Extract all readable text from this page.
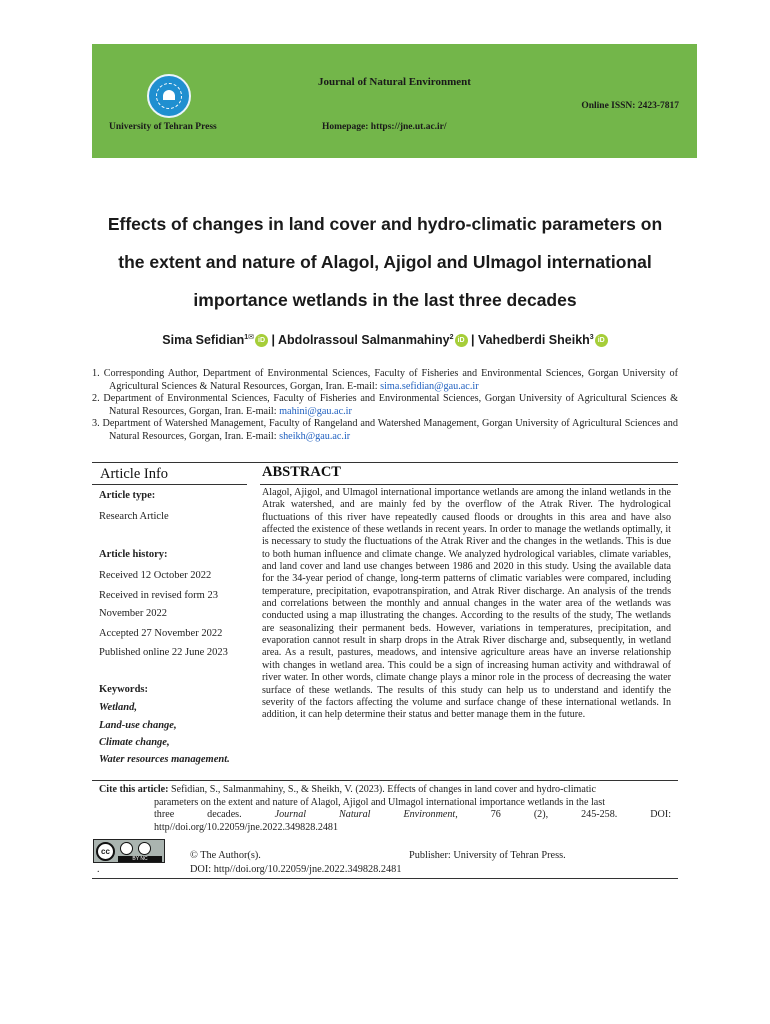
University of Tehran Press
Journal of Natural Environment
Online ISSN: 2423-7817
Homepage: https://jne.ut.ac.ir/
Effects of changes in land cover and hydro-climatic parameters on
the extent and nature of Alagol, Ajigol and Ulmagol international
importance wetlands in the last three decades
Sima Sefidian$^{1✉}$ iD | Abdolrassoul Salmanmahiny$^2$ iD | Vahedberdi Sheikh$^3$ iD

1. Corresponding Author, Department of Environmental Sciences, Faculty of Fisheries and Environmental Sciences, Gorgan University of Agricultural Sciences & Natural Resources, Gorgan, Iran. E-mail: sima.sefidian@gau.ac.ir

2. Department of Environmental Sciences, Faculty of Fisheries and Environmental Sciences, Gorgan University of Agricultural Sciences & Natural Resources, Gorgan, Iran. E-mail: mahini@gau.ac.ir

3. Department of Watershed Management, Faculty of Rangeland and Watershed Management, Gorgan University of Agricultural Sciences and Natural Resources, Gorgan, Iran. E-mail: sheikh@gau.ac.ir

Article Info	ABSTRACT
Article type:
Research Article
Article history:
Received 12 October 2022
Received in revised form 23
November 2022
Accepted 27 November 2022
Published online 22 June 2023
Keywords:
Wetland,
Land-use change,
Climate change,
Water resources management.
Alagol, Ajigol, and Ulmagol international importance wetlands are among the inland wetlands in the Atrak watershed, and are mainly fed by the overflow of the Atrak River. The hydrological fluctuations of this river have repeatedly caused floods or droughts in this area and have also affected the existence of these wetlands in recent years. In order to manage the wetlands optimally, it is necessary to study the fluctuations of the Atrak River and the changes in the wetlands. This is due to both human influence and climate change. We analyzed hydrological variables, climate variables, and land cover and land use changes between 1986 and 2020 in this study. Using the available data for the 34-year period of change, long-term patterns of climatic variables were compared, including temperature, precipitation, evapotranspiration, and Atrak River discharge. An analysis of the trends and correlations between the monthly and annual changes in the water area of the wetlands was conducted using a map illustrating the changes. According to the results of the study, The wetlands are seasonalizing their permanent beds. However, variations in temperatures, precipitation, and evaporation cannot result in sharp drops in the Atrak River discharge and, subsequently, in wetland area. As a result, pastures, meadows, and intensive agriculture areas have an inverse relationship with changes in wetland area. This could be a sign of increasing human activity and withdrawal of river water. In other words, climate change plays a minor role in the process of decreasing the water surface of these wetlands. The results of this study can help us to understand and identify the severity of the factors affecting the volume and surface change of these international wetlands. In addition, it can help determine their status and better manage them in the future.
Cite this article: Sefidian, S., Salmanmahiny, S., & Sheikh, V. (2023). Effects of changes in land cover and hydro-climatic
parameters on the extent and nature of Alagol, Ajigol and Ulmagol international importance wetlands in the last
three decades. Journal Natural Environment, 76 (2), 245-258. DOI:
http//doi.org/10.22059/jne.2022.349828.2481
cc
BY NC	© The Author(s).	Publisher: University of Tehran Press.
DOI: http//doi.org/10.22059/jne.2022.349828.2481
.
